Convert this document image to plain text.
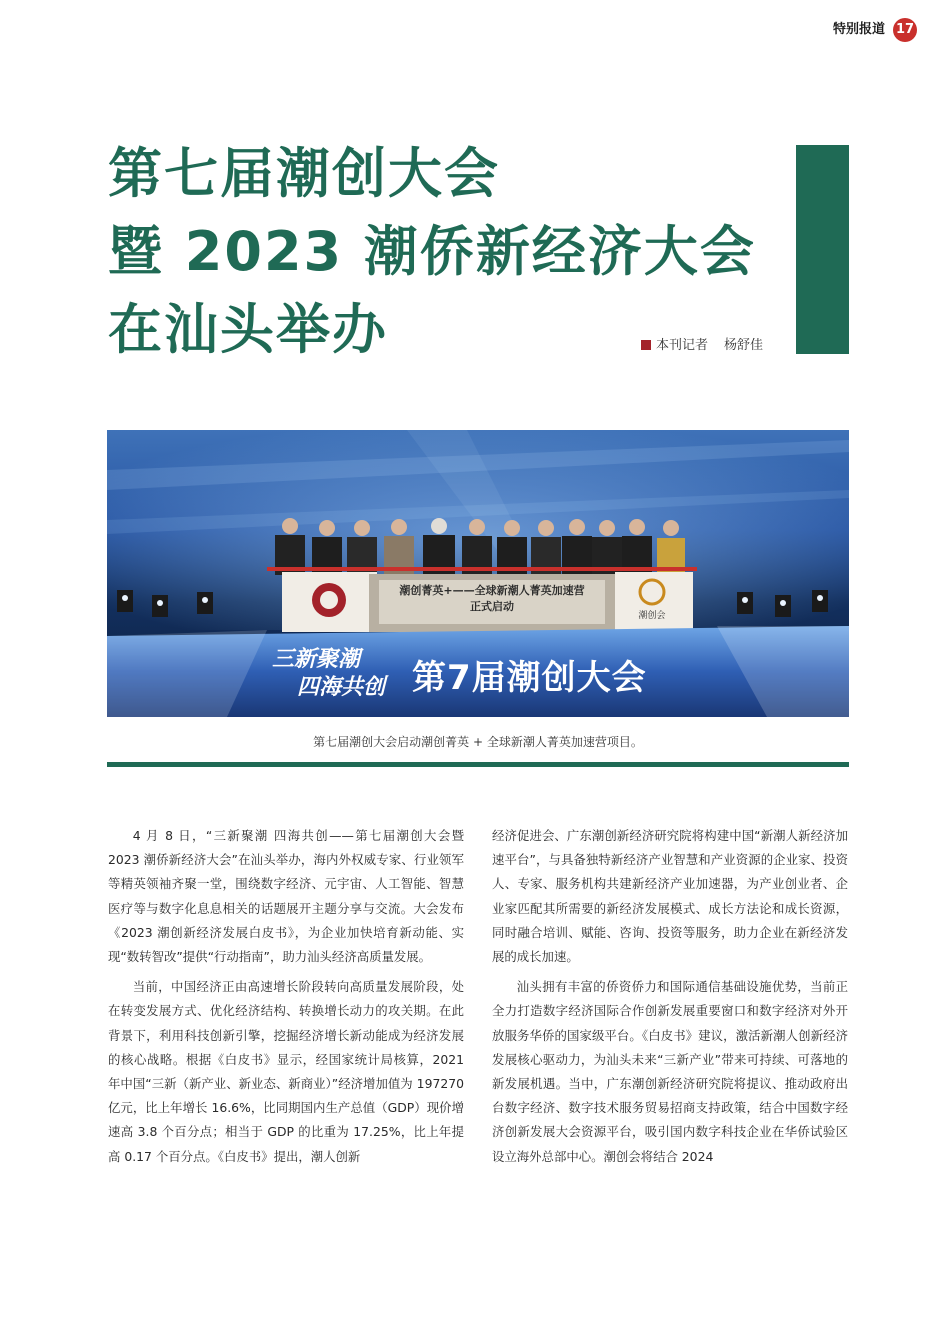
特别报道 17
第七届潮创大会
暨 2023 潮侨新经济大会
在汕头举办	本刊记者 杨舒佳
潮创菁英+——全球新潮人菁英加速营
正式启动
潮创会
三新聚潮
四海共创 第7届潮创大会
第七届潮创大会启动潮创菁英 + 全球新潮人菁英加速营项目。

4 月 8 日，“三新聚潮 四海共创——第七届潮创大会暨 2023 潮侨新经济大会”在汕头举办，海内外权威专家、行业领军等精英领袖齐聚一堂，围绕数字经济、元宇宙、人工智能、智慧医疗等与数字化息息相关的话题展开主题分享与交流。大会发布《2023 潮创新经济发展白皮书》，为企业加快培育新动能、实现“数转智改”提供“行动指南”，助力汕头经济高质量发展。

当前，中国经济正由高速增长阶段转向高质量发展阶段，处在转变发展方式、优化经济结构、转换增长动力的攻关期。在此背景下，利用科技创新引擎，挖掘经济增长新动能成为经济发展的核心战略。根据《白皮书》显示，经国家统计局核算，2021 年中国“三新（新产业、新业态、新商业）”经济增加值为 197270 亿元，比上年增长 16.6%，比同期国内生产总值（GDP）现价增速高 3.8 个百分点；相当于 GDP 的比重为 17.25%，比上年提高 0.17 个百分点。《白皮书》提出，潮人创新

经济促进会、广东潮创新经济研究院将构建中国“新潮人新经济加速平台”，与具备独特新经济产业智慧和产业资源的企业家、投资人、专家、服务机构共建新经济产业加速器，为产业创业者、企业家匹配其所需要的新经济发展模式、成长方法论和成长资源，同时融合培训、赋能、咨询、投资等服务，助力企业在新经济发展的成长加速。

汕头拥有丰富的侨资侨力和国际通信基础设施优势，当前正全力打造数字经济国际合作创新发展重要窗口和数字经济对外开放服务华侨的国家级平台。《白皮书》建议，激活新潮人创新经济发展核心驱动力，为汕头未来“三新产业”带来可持续、可落地的新发展机遇。当中，广东潮创新经济研究院将提议、推动政府出台数字经济、数字技术服务贸易招商支持政策，结合中国数字经济创新发展大会资源平台，吸引国内数字科技企业在华侨试验区设立海外总部中心。潮创会将结合 2024
